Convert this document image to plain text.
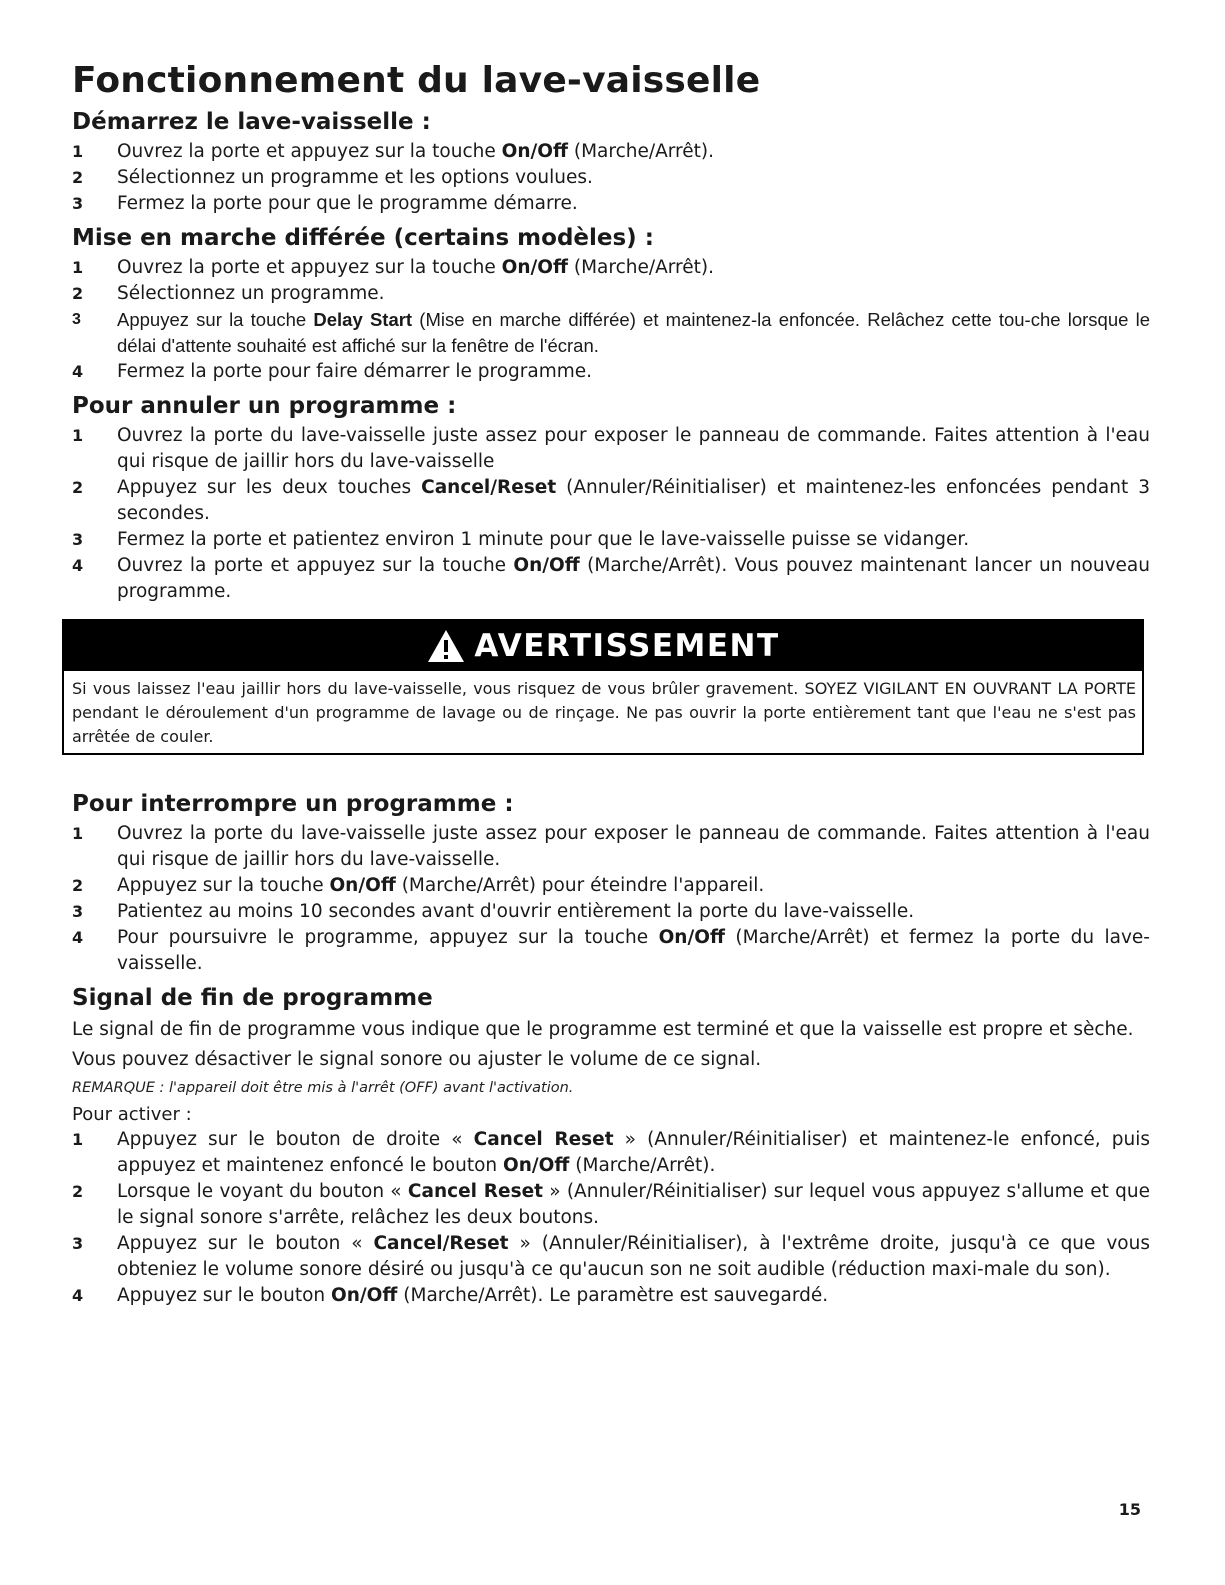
Fonctionnement du lave-vaisselle
Démarrez le lave-vaisselle :
1 Ouvrez la porte et appuyez sur la touche On/Off (Marche/Arrêt).
2 Sélectionnez un programme et les options voulues.
3 Fermez la porte pour que le programme démarre.
Mise en marche différée (certains modèles) :
1 Ouvrez la porte et appuyez sur la touche On/Off (Marche/Arrêt).
2 Sélectionnez un programme.
3 Appuyez sur la touche Delay Start (Mise en marche différée) et maintenez-la enfoncée. Relâchez cette tou-che lorsque le délai d'attente souhaité est affiché sur la fenêtre de l'écran.
4 Fermez la porte pour faire démarrer le programme.
Pour annuler un programme :
1 Ouvrez la porte du lave-vaisselle juste assez pour exposer le panneau de commande. Faites attention à l'eau qui risque de jaillir hors du lave-vaisselle
2 Appuyez sur les deux touches Cancel/Reset (Annuler/Réinitialiser) et maintenez-les enfoncées pendant 3 secondes.
3 Fermez la porte et patientez environ 1 minute pour que le lave-vaisselle puisse se vidanger.
4 Ouvrez la porte et appuyez sur la touche On/Off (Marche/Arrêt). Vous pouvez maintenant lancer un nouveau programme.
AVERTISSEMENT
Si vous laissez l'eau jaillir hors du lave-vaisselle, vous risquez de vous brûler gravement. SOYEZ VIGILANT EN OUVRANT LA PORTE pendant le déroulement d'un programme de lavage ou de rinçage. Ne pas ouvrir la porte entièrement tant que l'eau ne s'est pas arrêtée de couler.
Pour interrompre un programme :
1 Ouvrez la porte du lave-vaisselle juste assez pour exposer le panneau de commande. Faites attention à l'eau qui risque de jaillir hors du lave-vaisselle.
2 Appuyez sur la touche On/Off (Marche/Arrêt) pour éteindre l'appareil.
3 Patientez au moins 10 secondes avant d'ouvrir entièrement la porte du lave-vaisselle.
4 Pour poursuivre le programme, appuyez sur la touche On/Off (Marche/Arrêt) et fermez la porte du lave-vaisselle.
Signal de fin de programme

Le signal de fin de programme vous indique que le programme est terminé et que la vaisselle est propre et sèche. Vous pouvez désactiver le signal sonore ou ajuster le volume de ce signal.

REMARQUE : l'appareil doit être mis à l'arrêt (OFF) avant l'activation.

Pour activer :

1 Appuyez sur le bouton de droite « Cancel Reset » (Annuler/Réinitialiser) et maintenez-le enfoncé, puis appuyez et maintenez enfoncé le bouton On/Off (Marche/Arrêt).
2 Lorsque le voyant du bouton « Cancel Reset » (Annuler/Réinitialiser) sur lequel vous appuyez s'allume et que le signal sonore s'arrête, relâchez les deux boutons.
3 Appuyez sur le bouton « Cancel/Reset » (Annuler/Réinitialiser), à l'extrême droite, jusqu'à ce que vous obteniez le volume sonore désiré ou jusqu'à ce qu'aucun son ne soit audible (réduction maxi-male du son).
4 Appuyez sur le bouton On/Off (Marche/Arrêt). Le paramètre est sauvegardé.
15
